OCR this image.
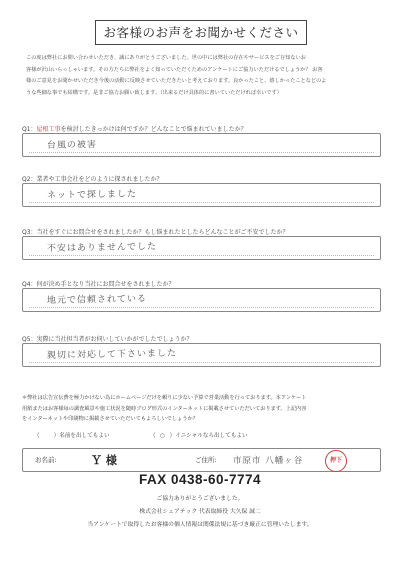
お客様のお声をお聞かせください
この度は弊社にお問い合わせいただき、誠にありがとうございました。世の中には弊社の存在やサービスをご存知ないお
客様が沢山いらっしゃいます。その方たちに弊社をよく知っていただくためのアンケートにご協力いただけるでしょうか？ お客
様のご意見をお聞かせいただき今後の活動に反映させていただきたいと考えております。良かったこと、嬉しかったことなどのよ
うな些細な事でも結構です。是非ご協力お願い致します。（出来るだけ具体的に書いていただければ幸いです）
Q1：屋根工事を検討したきっかけは何ですか？どんなことで悩まれていましたか？
台風の被害
Q2：業者や工事会社をどのように探されましたか？
ネットで探しました
Q3：当社をすぐにお問合せをされましたか？もし悩まれたとしたらどんなことがご不安でしたか？
不安はありませんでした
Q4：何が決め手となり当社にお問合せをされましたか？
地元で信頼されている
Q5：実際に当社担当者がお伺いしていかがでしたでしょうか？
親切に対応して下さいました
＊弊社は広告宣伝費を極力かけない為にホームページだけを頼りに少ない予算で営業活動を行っております。本アンケート
用紙またはお客様毎の調査風景や施工状況を随時ブログ形式のインターネットに掲載させていただいております。上記内容
をインターネットや印刷物に掲載させていただいてもよろしいでしょうか？
（	）名前を出してもよい	（ ○ ）イニシャルなら出してもよい
お名前:	Ｙ 様	ご住所: 市原市 八幡ヶ谷	押下
FAX 0438-60-7774
ご協力ありがとうございました。
株式会社シェアテック 代表取締役 大久保 誠二
当アンケートで取得したお客様の個人情報は関係法規に基づき厳正に管理いたします。
